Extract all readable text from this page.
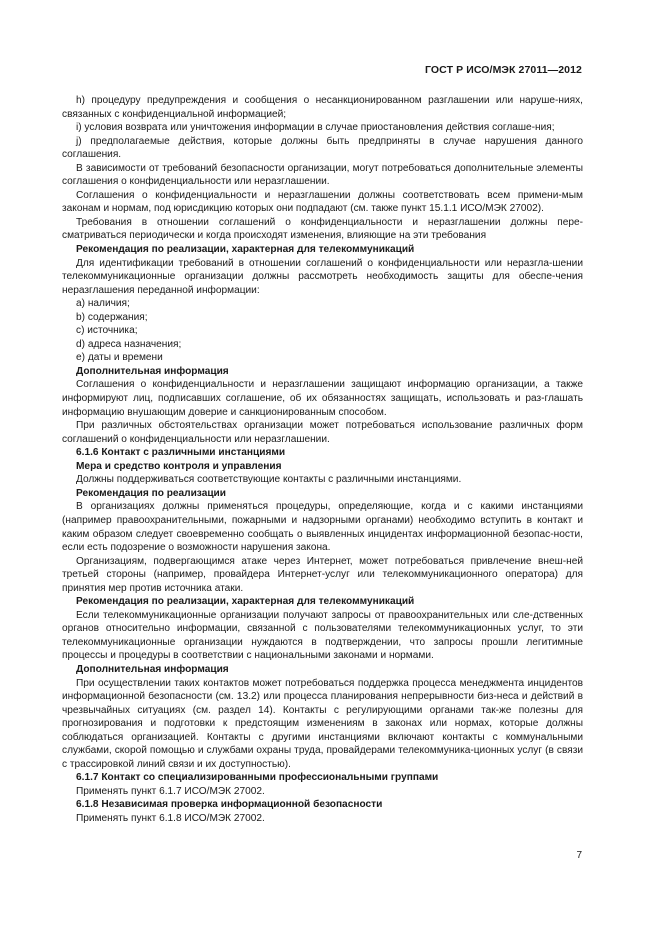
ГОСТ Р ИСО/МЭК 27011—2012

h) процедуру предупреждения и сообщения о несанкционированном разглашении или наруше-ниях, связанных с конфиденциальной информацией;

i) условия возврата или уничтожения информации в случае приостановления действия соглаше-ния;

j) предполагаемые действия, которые должны быть предприняты в случае нарушения данного соглашения.

В зависимости от требований безопасности организации, могут потребоваться дополнительные элементы соглашения о конфиденциальности или неразглашении.

Соглашения о конфиденциальности и неразглашении должны соответствовать всем примени-мым законам и нормам, под юрисдикцию которых они подпадают (см. также пункт 15.1.1 ИСО/МЭК 27002).

Требования в отношении соглашений о конфиденциальности и неразглашении должны пере-сматриваться периодически и когда происходят изменения, влияющие на эти требования

Рекомендация по реализации, характерная для телекоммуникаций

Для идентификации требований в отношении соглашений о конфиденциальности или неразгла-шении телекоммуникационные организации должны рассмотреть необходимость защиты для обеспе-чения неразглашения переданной информации:

a) наличия;

b) содержания;

c) источника;

d) адреса назначения;

e) даты и времени

Дополнительная информация

Соглашения о конфиденциальности и неразглашении защищают информацию организации, а также информируют лиц, подписавших соглашение, об их обязанностях защищать, использовать и раз-глашать информацию внушающим доверие и санкционированным способом.

При различных обстоятельствах организации может потребоваться использование различных форм соглашений о конфиденциальности или неразглашении.

6.1.6 Контакт с различными инстанциями

Мера и средство контроля и управления

Должны поддерживаться соответствующие контакты с различными инстанциями.

Рекомендация по реализации

В организациях должны применяться процедуры, определяющие, когда и с какими инстанциями (например правоохранительными, пожарными и надзорными органами) необходимо вступить в контакт и каким образом следует своевременно сообщать о выявленных инцидентах информационной безопас-ности, если есть подозрение о возможности нарушения закона.

Организациям, подвергающимся атаке через Интернет, может потребоваться привлечение внеш-ней третьей стороны (например, провайдера Интернет-услуг или телекоммуникационного оператора) для принятия мер против источника атаки.

Рекомендация по реализации, характерная для телекоммуникаций

Если телекоммуникационные организации получают запросы от правоохранительных или сле-дственных органов относительно информации, связанной с пользователями телекоммуникационных услуг, то эти телекоммуникационные организации нуждаются в подтверждении, что запросы прошли легитимные процессы и процедуры в соответствии с национальными законами и нормами.

Дополнительная информация

При осуществлении таких контактов может потребоваться поддержка процесса менеджмента инцидентов информационной безопасности (см. 13.2) или процесса планирования непрерывности биз-неса и действий в чрезвычайных ситуациях (см. раздел 14). Контакты с регулирующими органами так-же полезны для прогнозирования и подготовки к предстоящим изменениям в законах или нормах, которые должны соблюдаться организацией. Контакты с другими инстанциями включают контакты с коммунальными службами, скорой помощью и службами охраны труда, провайдерами телекоммуника-ционных услуг (в связи с трассировкой линий связи и их доступностью).

6.1.7 Контакт со специализированными профессиональными группами

Применять пункт 6.1.7 ИСО/МЭК 27002.

6.1.8 Независимая проверка информационной безопасности

Применять пункт 6.1.8 ИСО/МЭК 27002.

7
